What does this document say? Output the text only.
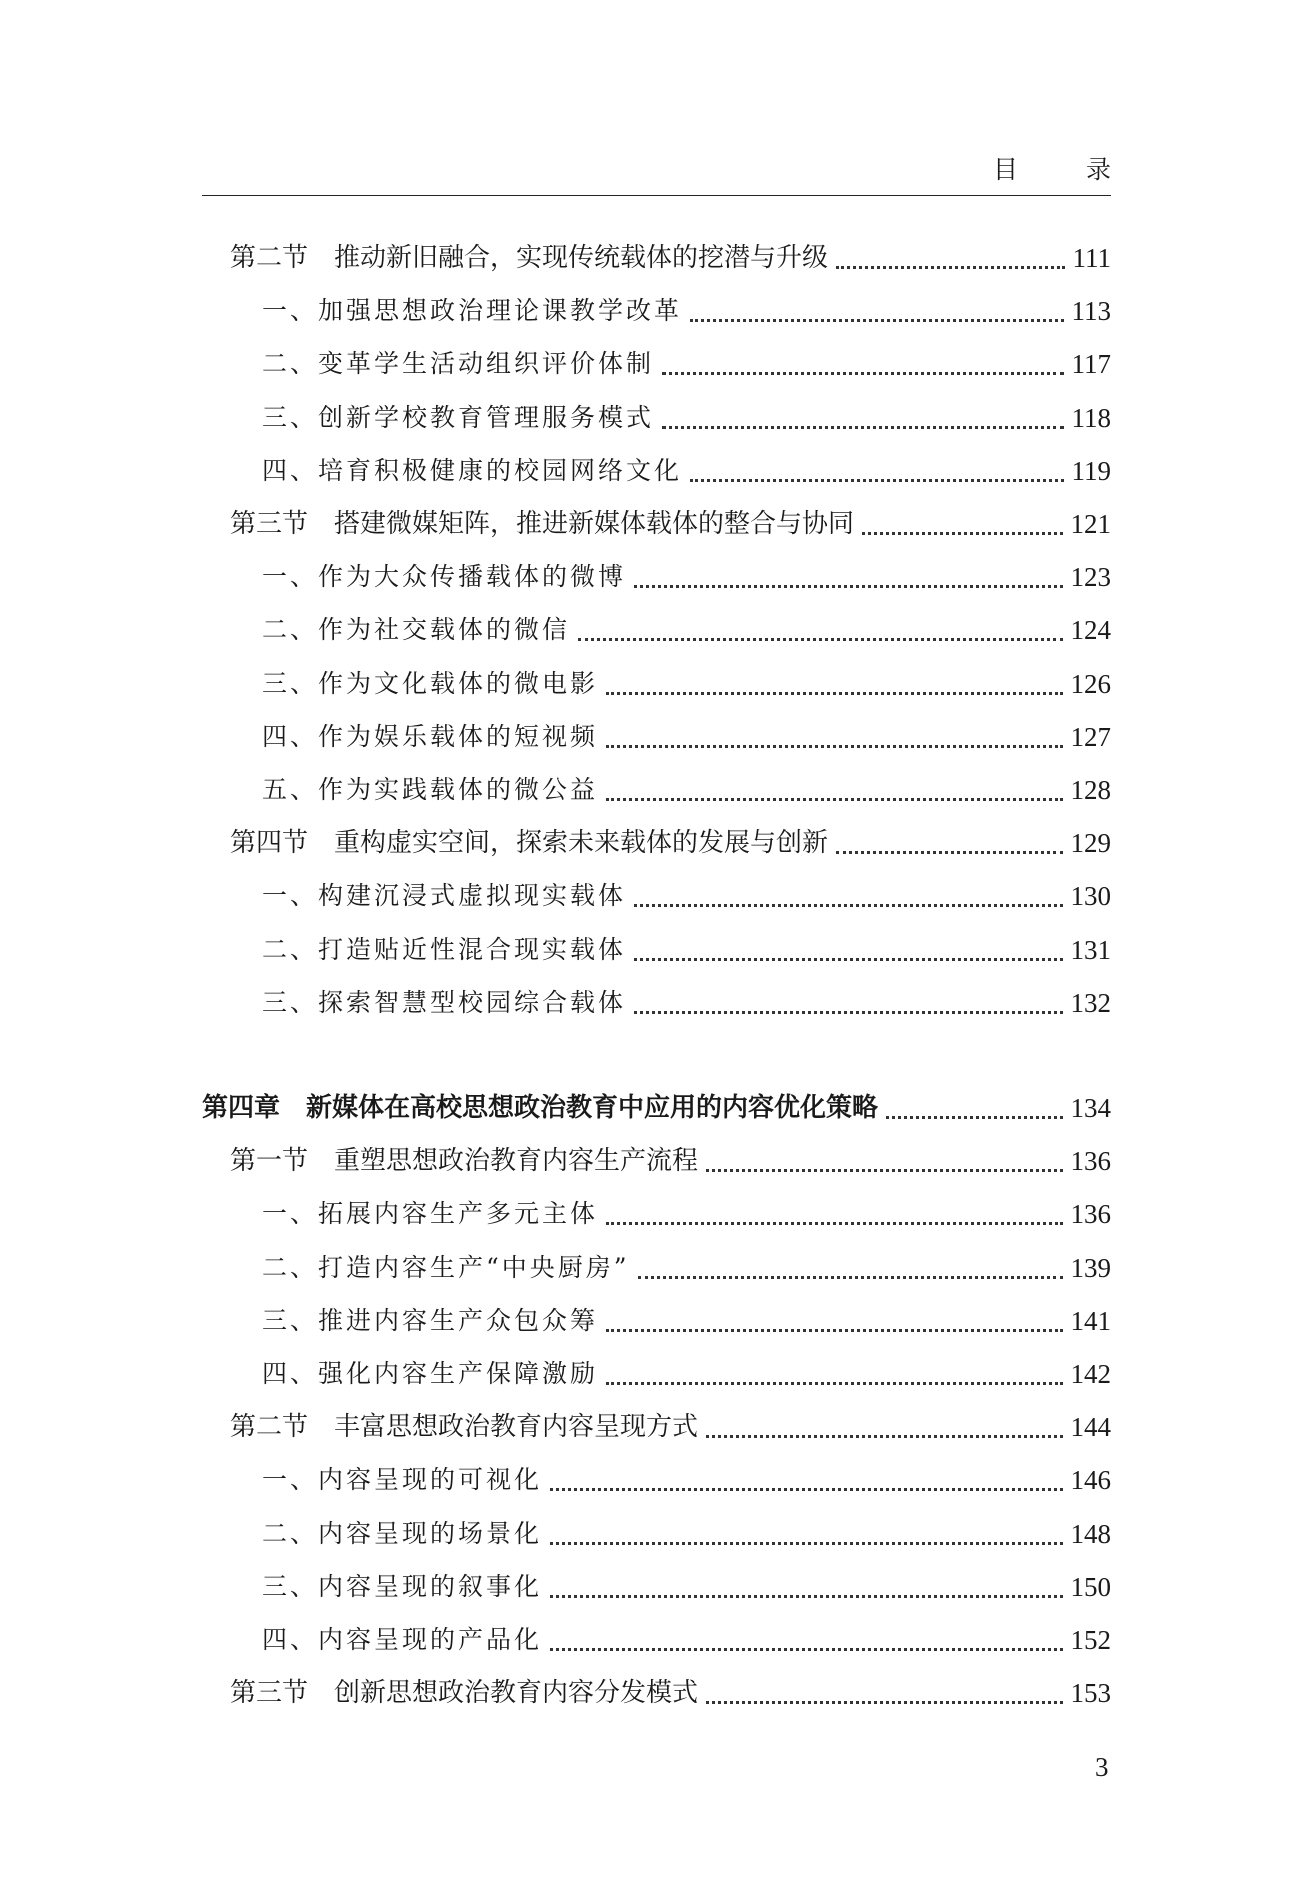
目 录
第二节　推动新旧融合，实现传统载体的挖潜与升级	111
一、加强思想政治理论课教学改革	113
二、变革学生活动组织评价体制	117
三、创新学校教育管理服务模式	118
四、培育积极健康的校园网络文化	119
第三节　搭建微媒矩阵，推进新媒体载体的整合与协同	121
一、作为大众传播载体的微博	123
二、作为社交载体的微信	124
三、作为文化载体的微电影	126
四、作为娱乐载体的短视频	127
五、作为实践载体的微公益	128
第四节　重构虚实空间，探索未来载体的发展与创新	129
一、构建沉浸式虚拟现实载体	130
二、打造贴近性混合现实载体	131
三、探索智慧型校园综合载体	132
第四章　新媒体在高校思想政治教育中应用的内容优化策略	134
第一节　重塑思想政治教育内容生产流程	136
一、拓展内容生产多元主体	136
二、打造内容生产“中央厨房”	139
三、推进内容生产众包众筹	141
四、强化内容生产保障激励	142
第二节　丰富思想政治教育内容呈现方式	144
一、内容呈现的可视化	146
二、内容呈现的场景化	148
三、内容呈现的叙事化	150
四、内容呈现的产品化	152
第三节　创新思想政治教育内容分发模式	153
3
